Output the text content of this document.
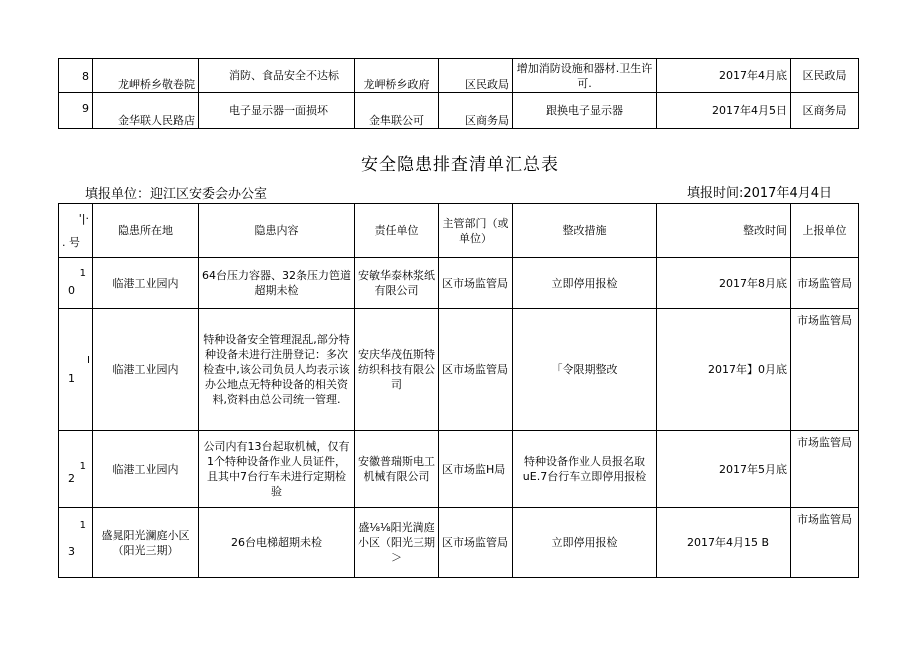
8	龙岬桥乡敬卷院	消防、食品安全不达标	龙岬桥乡政府	区民政局	增加消防设施和器材.卫生许可.	2017年4月底	区民政局
9	金华联人民路店	电子显示器一面损坏	金隼联公可	区商务局	跟换电子显示器	2017年4月5日	区商务局
安全隐患排査清单汇总表
填报单位：迎江区安委会办公室	填报时间:2017年4月4日
'|·
. 号	隐患所在地	隐患内容	责任单位	主管部门（或单位）	整改措施	整改时间	上报单位

1
0	临港工业园内	64台压力容器、32条压力笆道超期未检	安敏华泰林浆纸有限公司	区市场监管局	立即停用报检	2017年8月底	市场监管局

I
1	临港工业园内	特种设备安全管理混乱,部分特种设备未进行注册登记：多次检查中,该公司负员人均表示该办公地点无特种设备的相关资料,资料由总公司统一管理.	安庆华茂伍斯特纺织科技有限公司	区市场监管局	「令限期整改	2017年】0月底	市场监管局

1
2	临港工业园内	公司内有13台起取机械，仅有1个特种设备作业人员证件，且其中7台行车未进行定期检验	安徽普瑞斯电工机械有限公司	区市场监H局	特种设备作业人员报名取uE.7台行车立即停用报检	2017年5月底	市场监管局

1
3	盛晁阳光澜庭小区（阳光三期）	26台电梯超期未检	盛⅛⅛阳光満庭小区（阳光三期＞	区市场监管局	立即停用报检	2017年4月15 B	市场监管局
